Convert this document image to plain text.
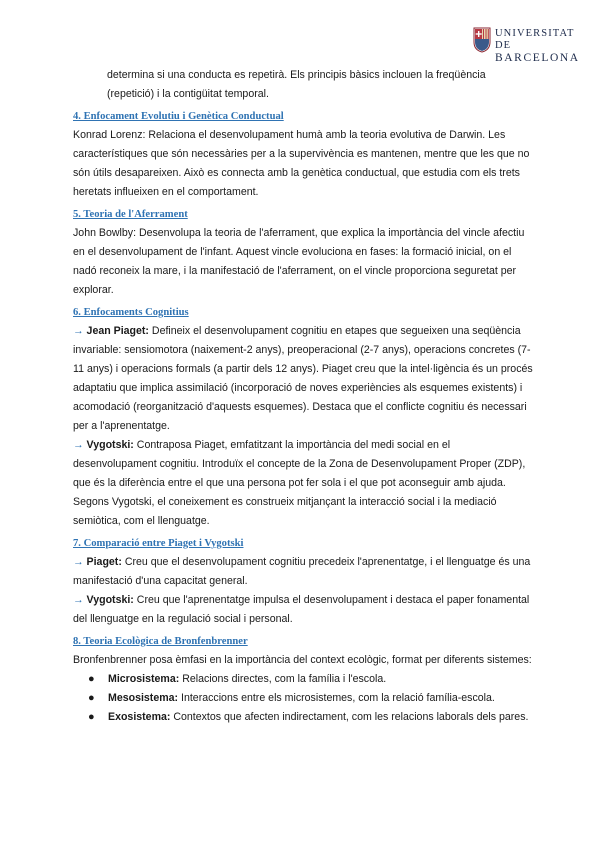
UNIVERSITAT DE
BARCELONA

determina si una conducta es repetirà. Els principis bàsics inclouen la freqüència (repetició) i la contigüitat temporal.

4. Enfocament Evolutiu i Genètica Conductual

Konrad Lorenz: Relaciona el desenvolupament humà amb la teoria evolutiva de Darwin. Les característiques que són necessàries per a la supervivència es mantenen, mentre que les que no són útils desapareixen. Això es connecta amb la genètica conductual, que estudia com els trets heretats influeixen en el comportament.

5. Teoria de l'Aferrament

John Bowlby: Desenvolupa la teoria de l'aferrament, que explica la importància del vincle afectiu en el desenvolupament de l'infant. Aquest vincle evoluciona en fases: la formació inicial, on el nadó reconeix la mare, i la manifestació de l'aferrament, on el vincle proporciona seguretat per explorar.

6. Enfocaments Cognitius

→ Jean Piaget: Defineix el desenvolupament cognitiu en etapes que segueixen una seqüència invariable: sensiomotora (naixement-2 anys), preoperacional (2-7 anys), operacions concretes (7-11 anys) i operacions formals (a partir dels 12 anys). Piaget creu que la intel·ligència és un procés adaptatiu que implica assimilació (incorporació de noves experiències als esquemes existents) i acomodació (reorganització d'aquests esquemes). Destaca que el conflicte cognitiu és necessari per a l'aprenentatge.

→ Vygotski: Contraposa Piaget, emfatitzant la importància del medi social en el desenvolupament cognitiu. Introduïx el concepte de la Zona de Desenvolupament Proper (ZDP), que és la diferència entre el que una persona pot fer sola i el que pot aconseguir amb ajuda. Segons Vygotski, el coneixement es construeix mitjançant la interacció social i la mediació semiòtica, com el llenguatge.

7. Comparació entre Piaget i Vygotski

→ Piaget: Creu que el desenvolupament cognitiu precedeix l'aprenentatge, i el llenguatge és una manifestació d'una capacitat general.

→ Vygotski: Creu que l'aprenentatge impulsa el desenvolupament i destaca el paper fonamental del llenguatge en la regulació social i personal.

8. Teoria Ecològica de Bronfenbrenner

Bronfenbrenner posa èmfasi en la importància del context ecològic, format per diferents sistemes:

● Microsistema: Relacions directes, com la família i l'escola.
● Mesosistema: Interaccions entre els microsistemes, com la relació família-escola.
● Exosistema: Contextos que afecten indirectament, com les relacions laborals dels pares.
